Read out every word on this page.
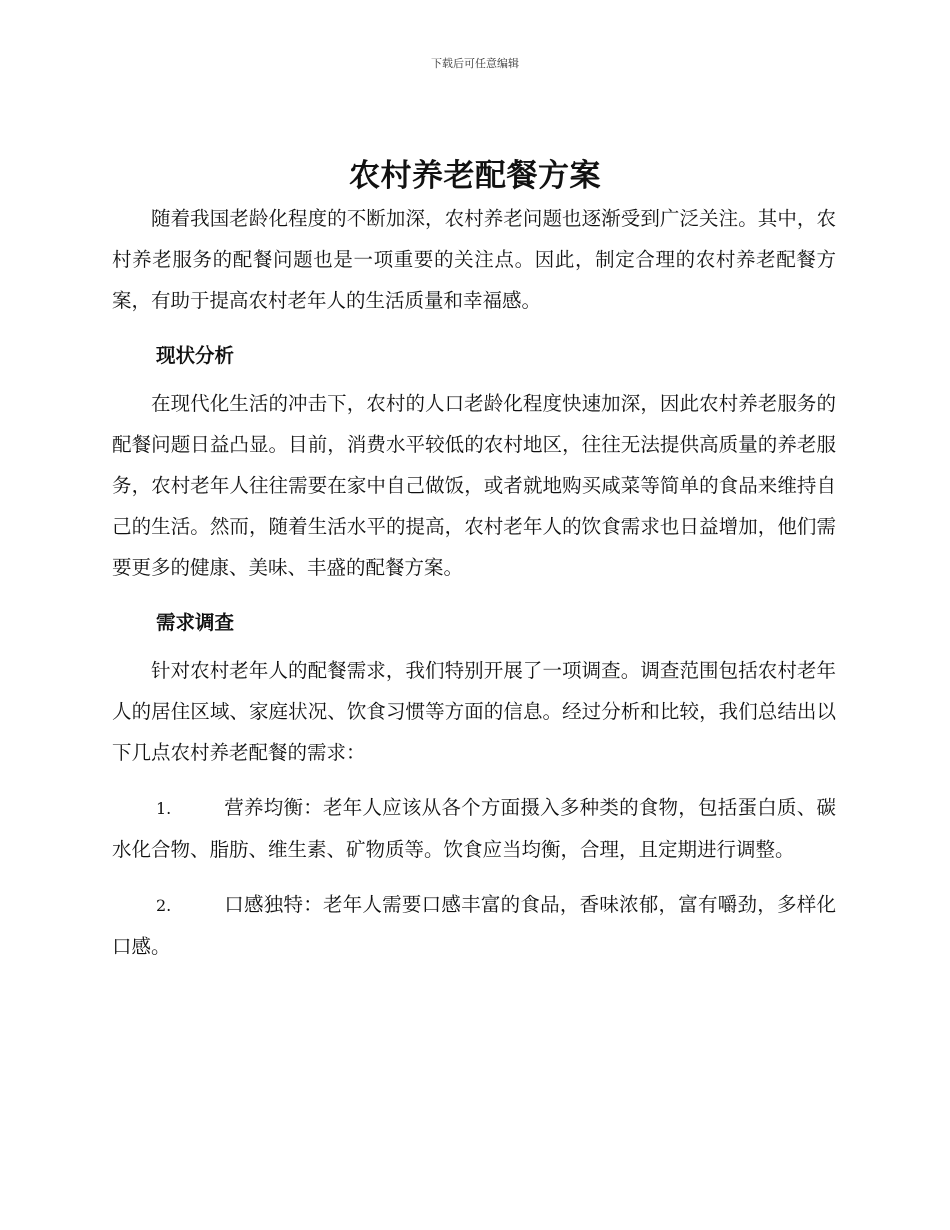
下载后可任意编辑
农村养老配餐方案

随着我国老龄化程度的不断加深，农村养老问题也逐渐受到广泛关注。其中，农村养老服务的配餐问题也是一项重要的关注点。因此，制定合理的农村养老配餐方案，有助于提高农村老年人的生活质量和幸福感。

现状分析

在现代化生活的冲击下，农村的人口老龄化程度快速加深，因此农村养老服务的配餐问题日益凸显。目前，消费水平较低的农村地区，往往无法提供高质量的养老服务，农村老年人往往需要在家中自己做饭，或者就地购买咸菜等简单的食品来维持自己的生活。然而，随着生活水平的提高，农村老年人的饮食需求也日益增加，他们需要更多的健康、美味、丰盛的配餐方案。

需求调查

针对农村老年人的配餐需求，我们特别开展了一项调查。调查范围包括农村老年人的居住区域、家庭状况、饮食习惯等方面的信息。经过分析和比较，我们总结出以下几点农村养老配餐的需求：

1.	营养均衡：老年人应该从各个方面摄入多种类的食物，包括蛋白质、碳水化合物、脂肪、维生素、矿物质等。饮食应当均衡，合理，且定期进行调整。

2.	口感独特：老年人需要口感丰富的食品，香味浓郁，富有嚼劲，多样化口感。
